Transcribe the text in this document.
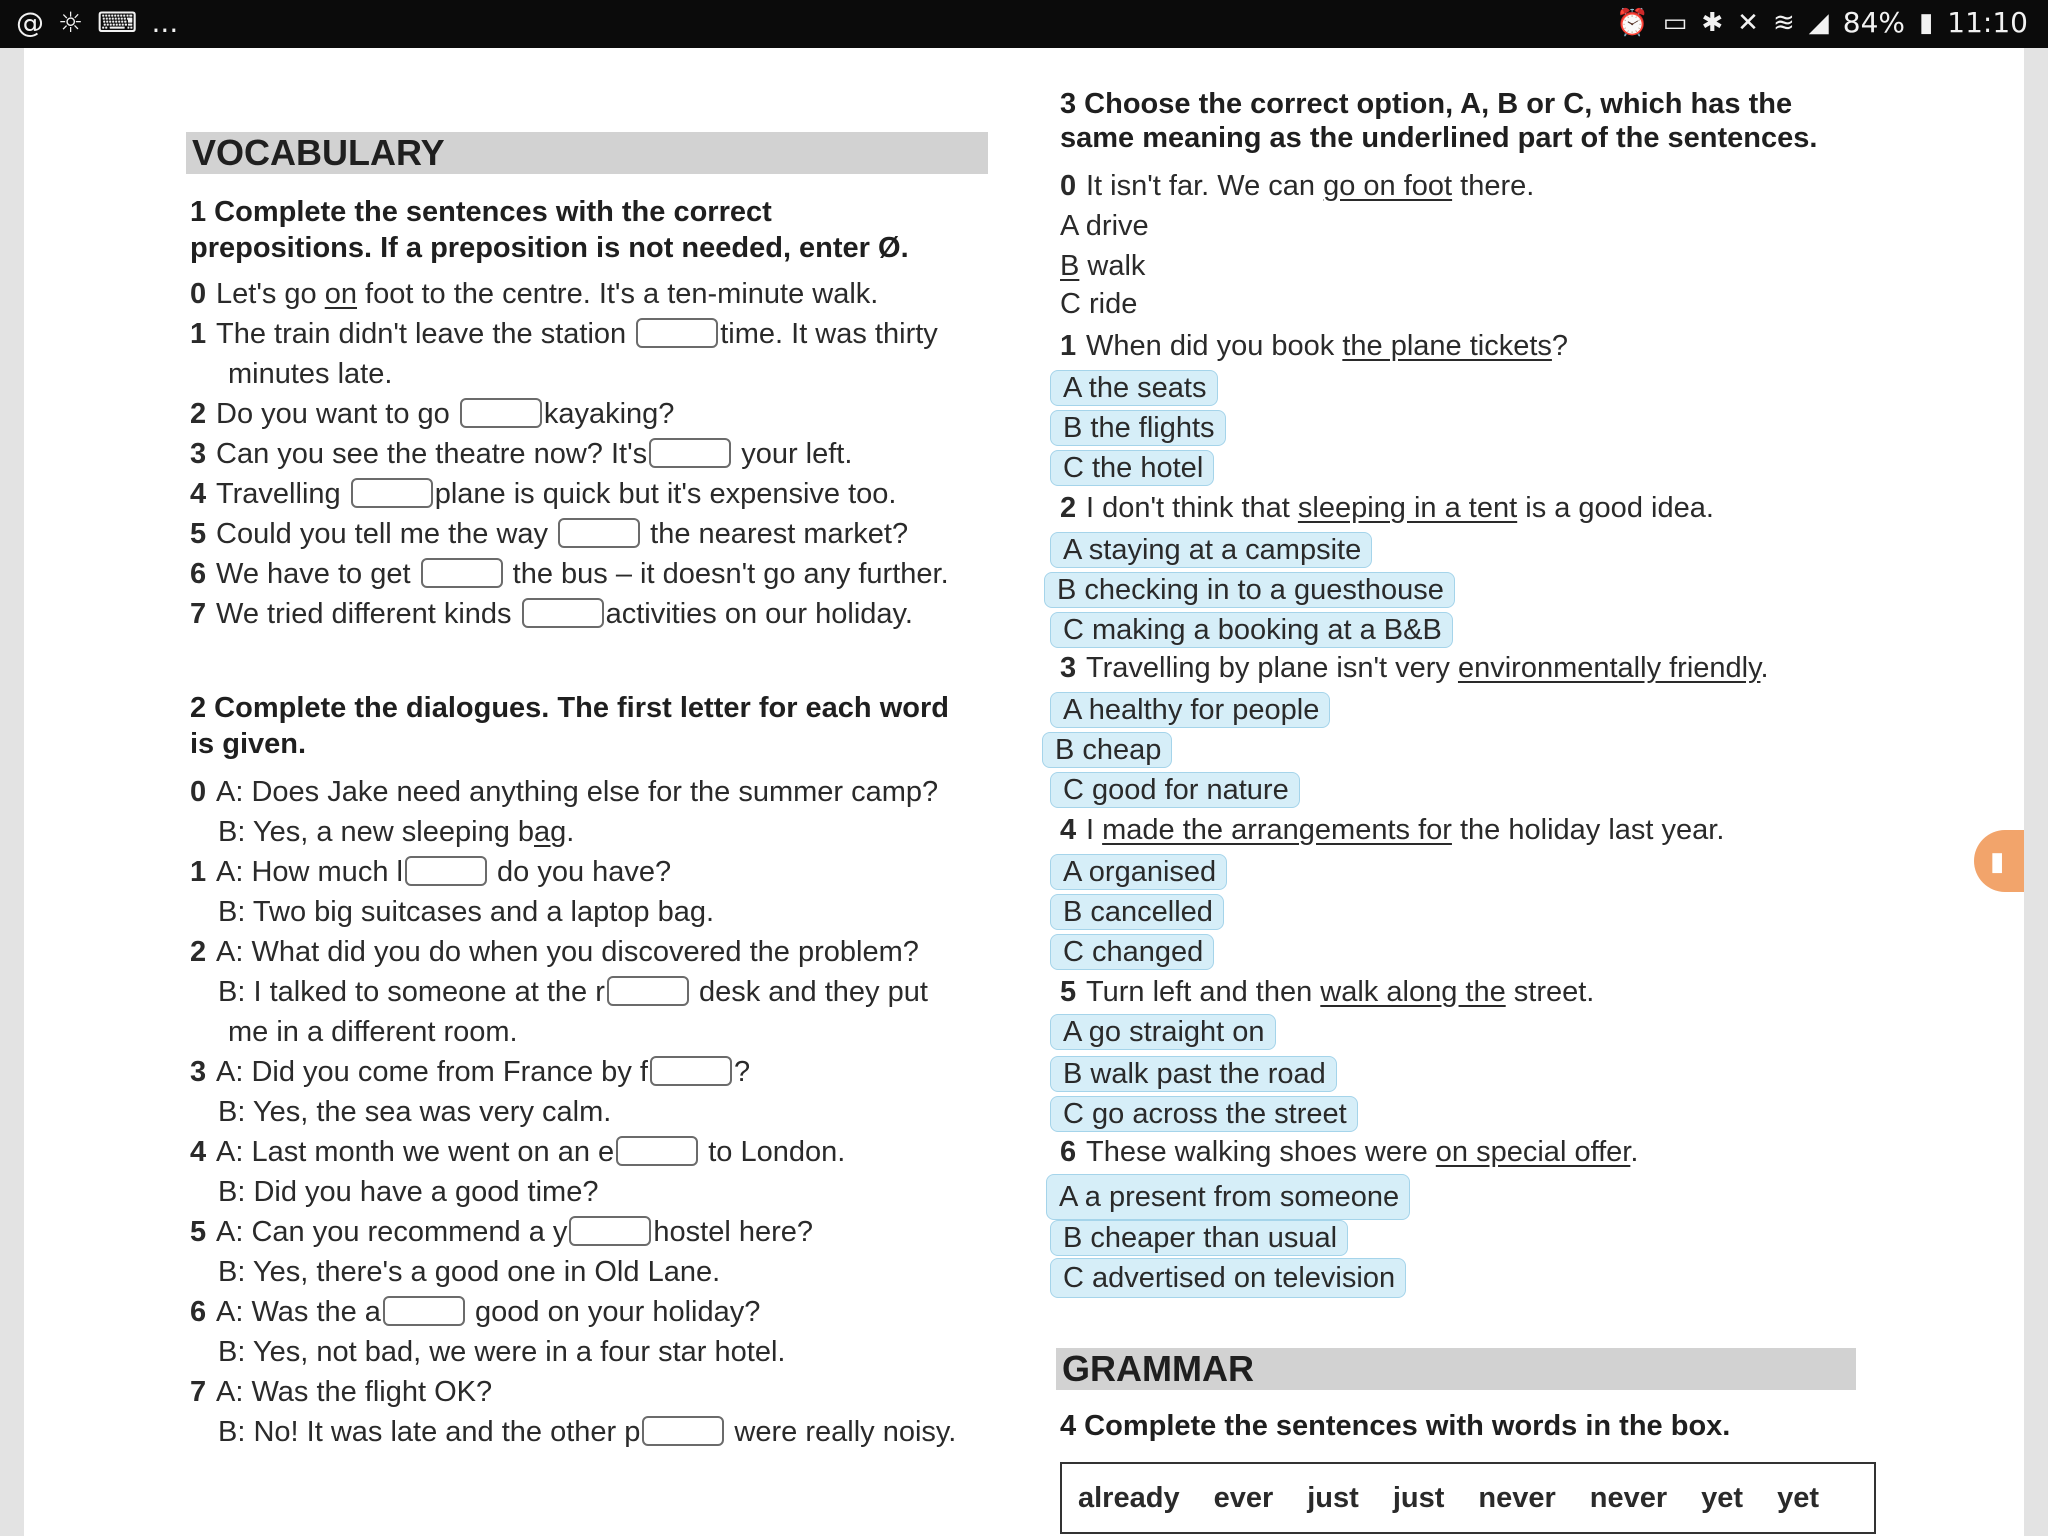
@ ☼ ⌨ ...	⏰ ▭ ✱ ✕ ≋ ◢ 84% ▮ 11:10
VOCABULARY
1 Complete the sentences with the correct
prepositions. If a preposition is not needed, enter Ø.
0 Let's go on foot to the centre. It's a ten-minute walk.
1 The train didn't leave the station	time. It was thirty
minutes late.
2 Do you want to go	kayaking?
3 Can you see the theatre now? It's	your left.
4 Travelling	plane is quick but it's expensive too.
5 Could you tell me the way	the nearest market?
6 We have to get	the bus – it doesn't go any further.
7 We tried different kinds	activities on our holiday.
2 Complete the dialogues. The first letter for each word
is given.
0 A: Does Jake need anything else for the summer camp?
B: Yes, a new sleeping bag.
1 A: How much l	do you have?
B: Two big suitcases and a laptop bag.
2 A: What did you do when you discovered the problem?
B: I talked to someone at the r	desk and they put
me in a different room.
3 A: Did you come from France by f	?
B: Yes, the sea was very calm.
4 A: Last month we went on an e	to London.
B: Did you have a good time?
5 A: Can you recommend a y	hostel here?
B: Yes, there's a good one in Old Lane.
6 A: Was the a	good on your holiday?
B: Yes, not bad, we were in a four star hotel.
7 A: Was the flight OK?
B: No! It was late and the other p	were really noisy.
3 Choose the correct option, A, B or C, which has the
same meaning as the underlined part of the sentences.
0 It isn't far. We can go on foot there.
A drive
B walk
C ride
1 When did you book the plane tickets?
A the seats
B the flights
C the hotel
2 I don't think that sleeping in a tent is a good idea.
A staying at a campsite
B checking in to a guesthouse
C making a booking at a B&B
3 Travelling by plane isn't very environmentally friendly.
A healthy for people
B cheap
C good for nature
4 I made the arrangements for the holiday last year.
A organised
B cancelled
C changed
5 Turn left and then walk along the street.
A go straight on
B walk past the road
C go across the street
6 These walking shoes were on special offer.
A a present from someone
B cheaper than usual
C advertised on television
GRAMMAR
4 Complete the sentences with words in the box.
already ever just just never never yet yet
▮
